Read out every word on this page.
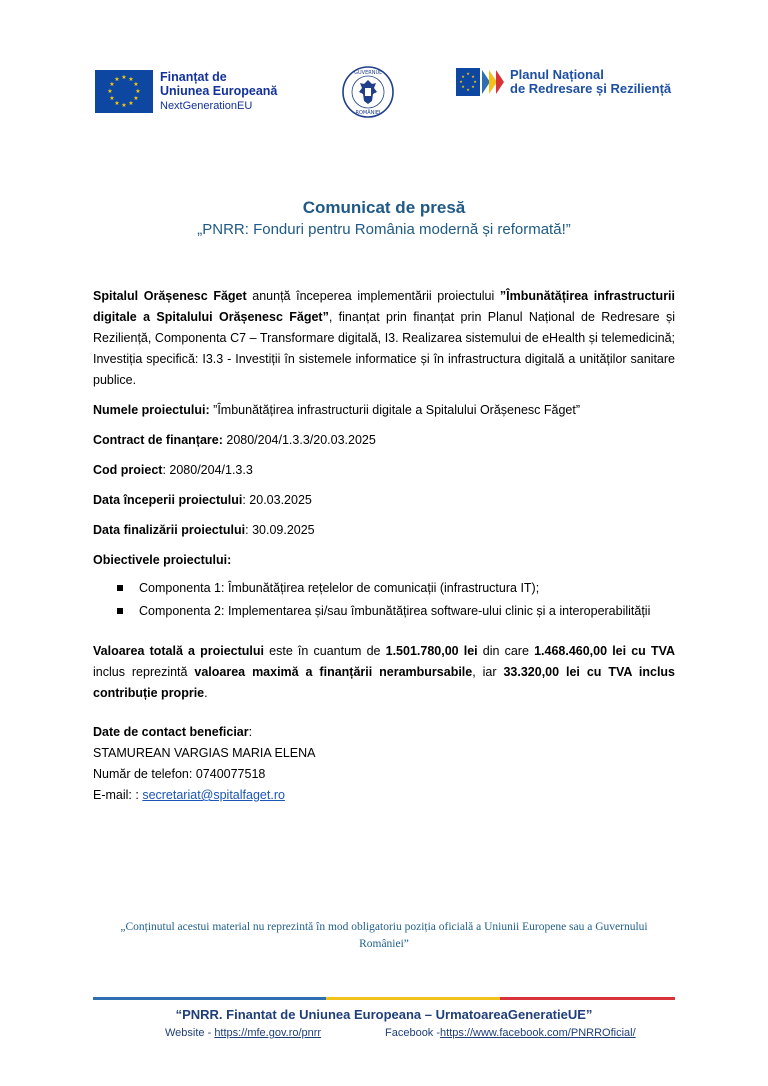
★ ★
★
★
★
★
★
★
★
★
★
★	Finanțat de
Uniunea Europeană
NextGenerationEU
GUVERNUL
ROMÂNIEI
★
★
★
★
★
★
★
★	Planul Național
de Redresare și Reziliență
Comunicat de presă
„PNRR: Fonduri pentru România modernă și reformată!”

Spitalul Orășenesc Făget anunță începerea implementării proiectului ”Îmbunătățirea infrastructurii digitale a Spitalului Orășenesc Făget”, finanțat prin finanțat prin Planul Național de Redresare și Reziliență, Componenta C7 – Transformare digitală, I3. Realizarea sistemului de eHealth și telemedicină; Investiția specifică: I3.3 - Investiții în sistemele informatice și în infrastructura digitală a unităților sanitare publice.

Numele proiectului: ”Îmbunătățirea infrastructurii digitale a Spitalului Orășenesc Făget”

Contract de finanțare: 2080/204/1.3.3/20.03.2025

Cod proiect: 2080/204/1.3.3

Data începerii proiectului: 20.03.2025

Data finalizării proiectului: 30.09.2025

Obiectivele proiectului:

Componenta 1: Îmbunătățirea rețelelor de comunicații (infrastructura IT);
Componenta 2: Implementarea și/sau îmbunătățirea software-ului clinic și a interoperabilității

Valoarea totală a proiectului este în cuantum de 1.501.780,00 lei din care 1.468.460,00 lei cu TVA inclus reprezintă valoarea maximă a finanțării nerambursabile, iar 33.320,00 lei cu TVA inclus contribuție proprie.

Date de contact beneficiar:
STAMUREAN VARGIAS MARIA ELENA
Număr de telefon: 0740077518
E-mail: : secretariat@spitalfaget.ro
„Conținutul acestui material nu reprezintă în mod obligatoriu poziția oficială a Uniunii Europene sau a Guvernului României”
“PNRR. Finantat de Uniunea Europeana – UrmatoareaGeneratieUE”
Website - https://mfe.gov.ro/pnrr	Facebook -https://www.facebook.com/PNRROficial/
